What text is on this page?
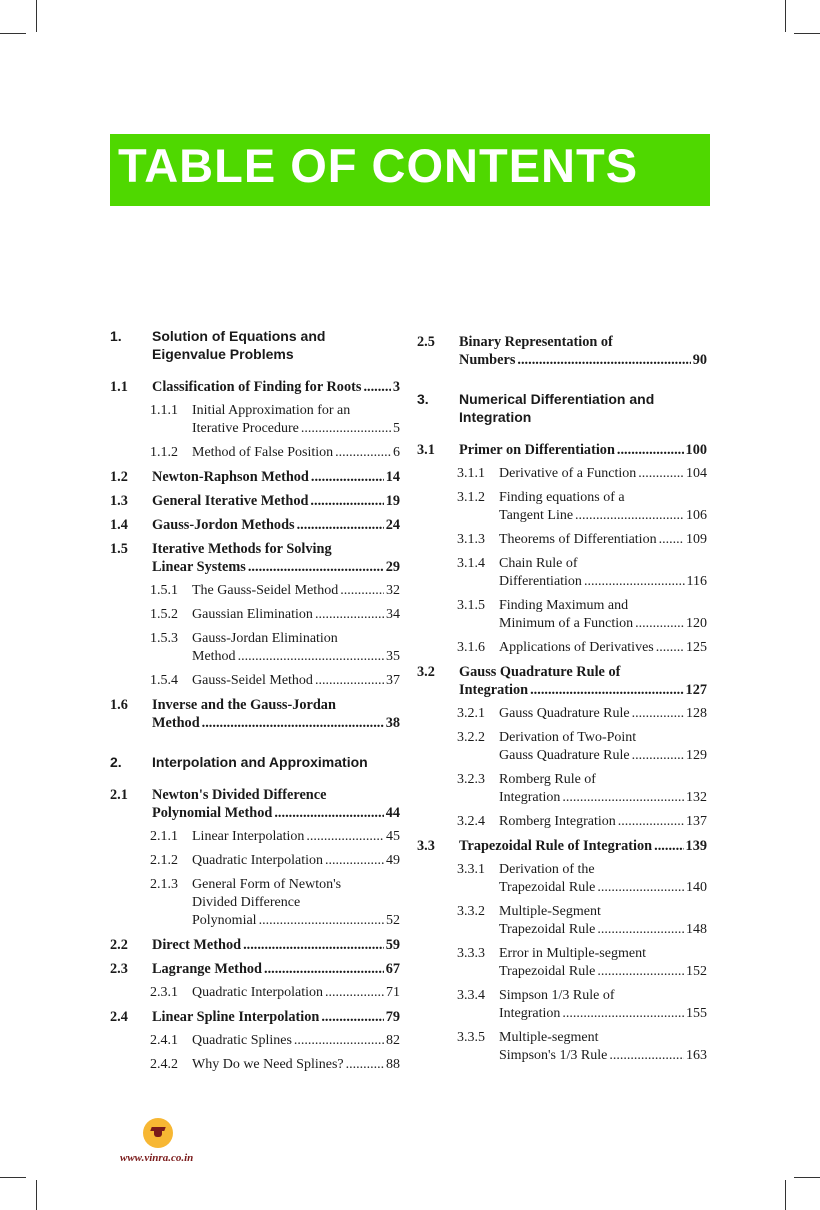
TABLE OF CONTENTS
1.	Solution of Equations and
Eigenvalue Problems
1.1	Classification of Finding for Roots ..... 3
1.1.1	Initial Approximation for an
Iterative Procedure .....	5
1.1.2	Method of False Position .....	6
1.2	Newton-Raphson Method .....	14
1.3	General Iterative Method .....	19
1.4	Gauss-Jordon Methods .....	24
1.5	Iterative Methods for Solving
Linear Systems .....	29
1.5.1	The Gauss-Seidel Method .....	32
1.5.2	Gaussian Elimination .....	34
1.5.3	Gauss-Jordan Elimination
Method .....	35
1.5.4	Gauss-Seidel Method .....	37
1.6	Inverse and the Gauss-Jordan
Method .....	38
2.	Interpolation and Approximation
2.1	Newton's Divided Difference
Polynomial Method .....	44
2.1.1	Linear Interpolation .....	45
2.1.2	Quadratic Interpolation .....	49
2.1.3	General Form of Newton's
Divided Difference
Polynomial .....	52
2.2	Direct Method .....	59
2.3	Lagrange Method .....	67
2.3.1	Quadratic Interpolation .....	71
2.4	Linear Spline Interpolation .....	79
2.4.1	Quadratic Splines .....	82
2.4.2	Why Do we Need Splines? .....	88
2.5	Binary Representation of
Numbers .....	90
3.	Numerical Differentiation and
Integration
3.1	Primer on Differentiation .....	100
3.1.1	Derivative of a Function .....	104
3.1.2	Finding equations of a
Tangent Line .....	106
3.1.3	Theorems of Differentiation ..... 109
3.1.4	Chain Rule of
Differentiation .....	116
3.1.5	Finding Maximum and
Minimum of a Function .....	120
3.1.6	Applications of Derivatives ..... 125
3.2	Gauss Quadrature Rule of
Integration .....	127
3.2.1	Gauss Quadrature Rule .....	128
3.2.2	Derivation of Two-Point
Gauss Quadrature Rule .....	129
3.2.3	Romberg Rule of
Integration .....	132
3.2.4	Romberg Integration .....	137
3.3	Trapezoidal Rule of Integration ..... 139
3.3.1	Derivation of the
Trapezoidal Rule .....	140
3.3.2	Multiple-Segment
Trapezoidal Rule .....	148
3.3.3	Error in Multiple-segment
Trapezoidal Rule .....	152
3.3.4	Simpson 1/3 Rule of
Integration .....	155
3.3.5	Multiple-segment
Simpson's 1/3 Rule .....	163
www.vinra.co.in
